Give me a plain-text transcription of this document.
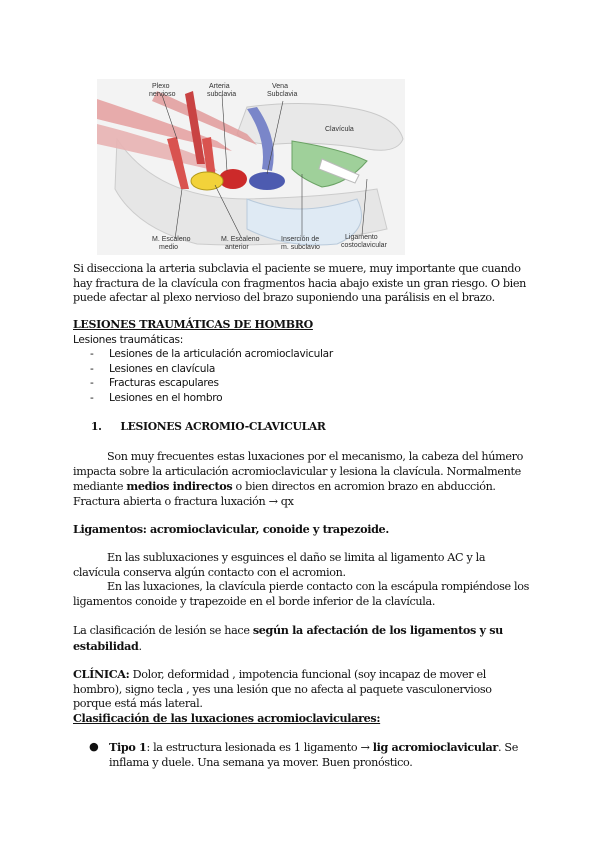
Plexo
nervioso
Arteria
subclavia
Vena
Subclavia
Clavícula
M. Escaleno
medio
M. Escaleno
anterior
Inserción de
m. subclavio
Ligamento
costoclavicular

Si disecciona la arteria subclavia el paciente se muere, muy importante que cuando hay fractura de la clavícula con fragmentos hacia abajo existe un gran riesgo. O bien puede afectar al plexo nervioso del brazo suponiendo una parálisis en el brazo.

LESIONES TRAUMÁTICAS DE HOMBRO

Lesiones traumáticas:

- Lesiones de la articulación acromioclavicular
- Lesiones en clavícula
- Fracturas escapulares
- Lesiones en el hombro

1. LESIONES ACROMIO-CLAVICULAR

Son muy frecuentes estas luxaciones por el mecanismo, la cabeza del húmero impacta sobre la articulación acromioclavicular y lesiona la clavícula. Normalmente mediante medios indirectos o bien directos en acromion brazo en abducción.

Fractura abierta o fractura luxación → qx

Ligamentos: acromioclavicular, conoide y trapezoide.

En las subluxaciones y esguinces el daño se limita al ligamento AC y la clavícula conserva algún contacto con el acromion.

En las luxaciones, la clavícula pierde contacto con la escápula rompiéndose los ligamentos conoide y trapezoide en el borde inferior de la clavícula.

La clasificación de lesión se hace según la afectación de los ligamentos y su estabilidad.

CLÍNICA: Dolor, deformidad , impotencia funcional (soy incapaz de mover el hombro), signo tecla , yes una lesión que no afecta al paquete vasculonervioso porque está más lateral.

Clasificación de las luxaciones acromioclaviculares:

● Tipo 1: la estructura lesionada es 1 ligamento → lig acromioclavicular. Se inflama y duele. Una semana ya mover. Buen pronóstico.
